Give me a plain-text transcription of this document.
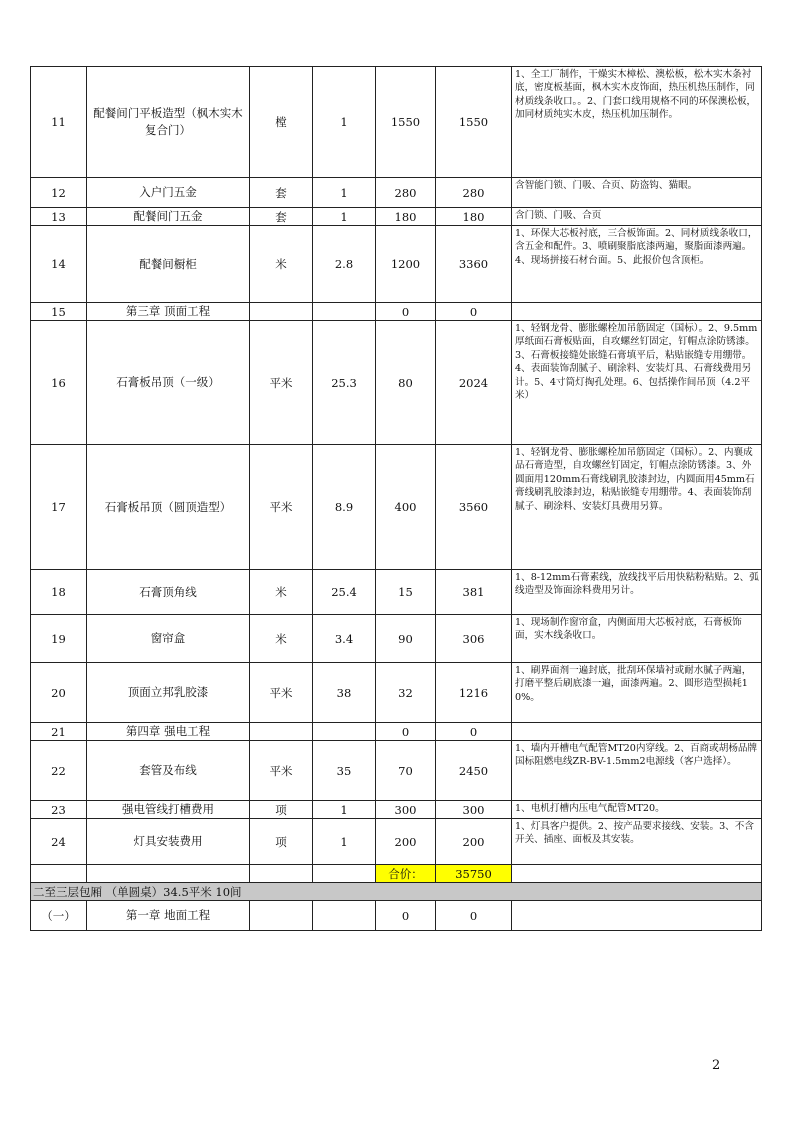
11	配餐间门平板造型（枫木实木复合门）	樘	1	1550	1550	1、全工厂制作，干燥实木樟松、澳松板，松木实木条衬底，密度板基面，枫木实木皮饰面，热压机热压制作，同材质线条收口。。2、门套口线用规格不同的环保澳松板，加同材质纯实木皮，热压机加压制作。
12	入户门五金	套	1	280	280	含智能门锁、门吸、合页、防盗钩、猫眼。
13	配餐间门五金	套	1	180	180	含门锁、门吸、合页
14	配餐间橱柜	米	2.8	1200	3360	1、环保大芯板衬底，三合板饰面。2、同材质线条收口，含五金和配件。3、喷刷聚脂底漆两遍，聚脂面漆两遍。4、现场拼接石材台面。5、此报价包含顶柜。
15	第三章 顶面工程			0	0	
16	石膏板吊顶（一级）	平米	25.3	80	2024	1、轻钢龙骨、膨胀螺栓加吊筋固定（国标）。2、9.5mm厚纸面石膏板贴面，自攻螺丝钉固定，钉帽点涂防锈漆。3、石膏板接缝处嵌缝石膏填平后，粘贴嵌缝专用绷带。4、表面装饰刮腻子、刷涂料、安装灯具、石膏线费用另计。5、4寸筒灯掏孔处理。6、包括操作间吊顶（4.2平米）
17	石膏板吊顶（圆顶造型）	平米	8.9	400	3560	1、轻钢龙骨、膨胀螺栓加吊筋固定（国标）。2、内襄成品石膏造型，自攻螺丝钉固定，钉帽点涂防锈漆。3、外圆面用120mm石膏线刷乳胶漆封边，内圆面用45mm石膏线刷乳胶漆封边，粘贴嵌缝专用绷带。4、表面装饰刮腻子、刷涂料、安装灯具费用另算。
18	石膏顶角线	米	25.4	15	381	1、8-12mm石膏素线，放线找平后用快粘粉粘贴。2、弧线造型及饰面涂料费用另计。
19	窗帘盒	米	3.4	90	306	1、现场制作窗帘盒，内侧面用大芯板衬底，石膏板饰面，实木线条收口。
20	顶面立邦乳胶漆	平米	38	32	1216	1、刷界面剂一遍封底，批刮环保墙衬或耐水腻子两遍，打磨平整后刷底漆一遍，面漆两遍。2、圆形造型损耗10%。
21	第四章 强电工程			0	0	
22	套管及布线	平米	35	70	2450	1、墙内开槽电气配管MT20内穿线。2、百商或胡杨品牌国标阻燃电线ZR-BV-1.5mm2电源线（客户选择）。
23	强电管线打槽费用	项	1	300	300	1、电机打槽内压电气配管MT20。
24	灯具安装费用	项	1	200	200	1、灯具客户提供。2、按产品要求接线、安装。3、不含开关、插座、面板及其安装。
				合价：	35750	
二至三层包厢 （单圆桌）34.5平米 10间						
（一）	第一章 地面工程			0	0	
2
